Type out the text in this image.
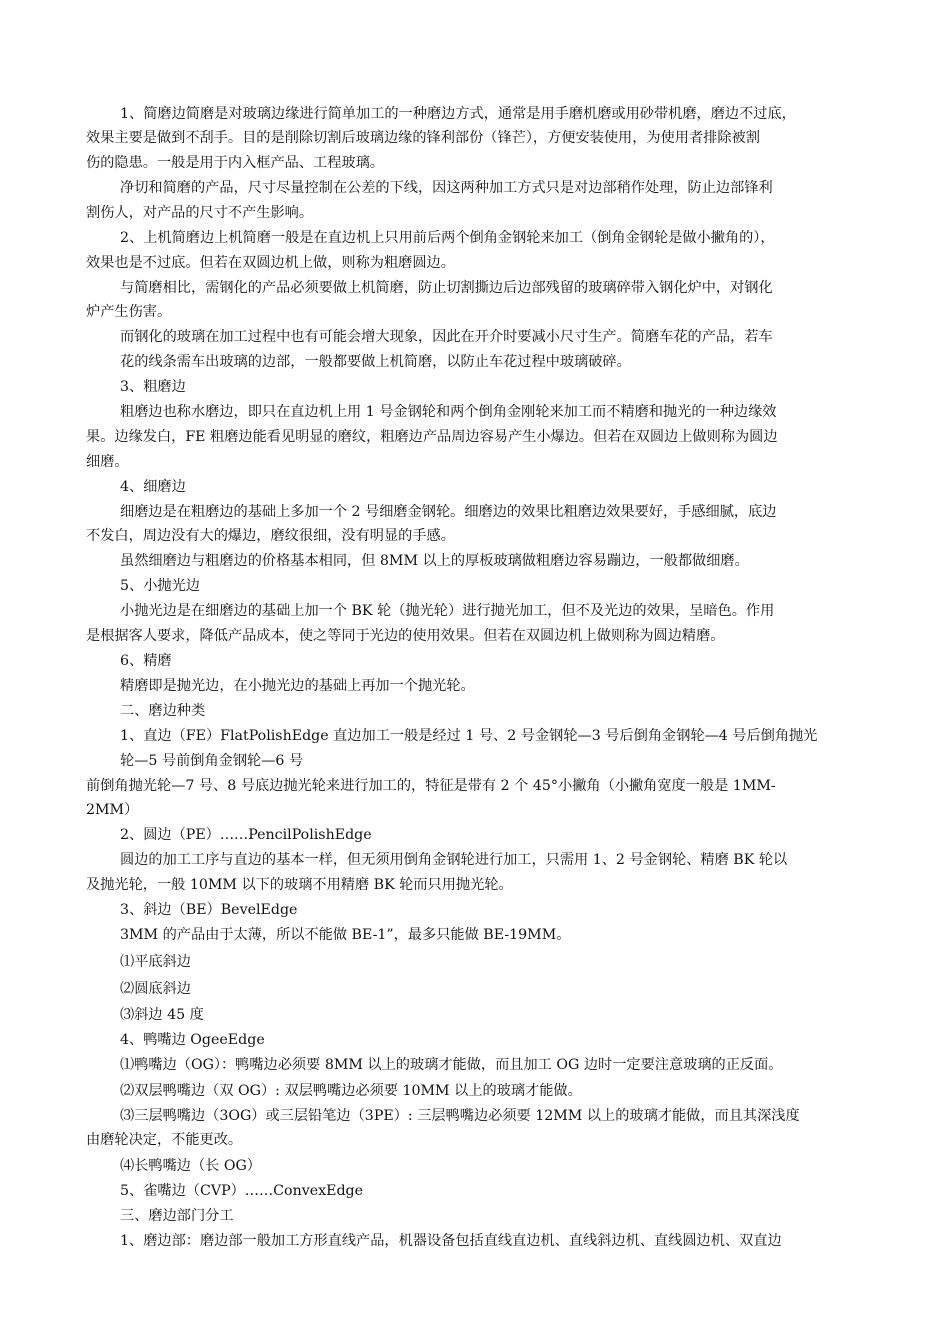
1、简磨边简磨是对玻璃边缘进行简单加工的一种磨边方式，通常是用手磨机磨或用砂带机磨，磨边不过底，

效果主要是做到不刮手。目的是削除切割后玻璃边缘的锋利部份（锋芒），方便安装使用，为使用者排除被割

伤的隐患。一般是用于内入框产品、工程玻璃。

净切和简磨的产品，尺寸尽量控制在公差的下线，因这两种加工方式只是对边部稍作处理，防止边部锋利

割伤人，对产品的尺寸不产生影响。

2、上机简磨边上机简磨一般是在直边机上只用前后两个倒角金钢轮来加工（倒角金钢轮是做小撇角的），

效果也是不过底。但若在双圆边机上做，则称为粗磨圆边。

与简磨相比，需钢化的产品必须要做上机简磨，防止切割撕边后边部残留的玻璃碎带入钢化炉中，对钢化

炉产生伤害。

而钢化的玻璃在加工过程中也有可能会增大现象，因此在开介时要减小尺寸生产。简磨车花的产品，若车

花的线条需车出玻璃的边部，一般都要做上机简磨，以防止车花过程中玻璃破碎。

3、粗磨边

粗磨边也称水磨边，即只在直边机上用 1 号金钢轮和两个倒角金刚轮来加工而不精磨和抛光的一种边缘效

果。边缘发白，FE 粗磨边能看见明显的磨纹，粗磨边产品周边容易产生小爆边。但若在双圆边上做则称为圆边

细磨。

4、细磨边

细磨边是在粗磨边的基础上多加一个 2 号细磨金钢轮。细磨边的效果比粗磨边效果要好，手感细腻，底边

不发白，周边没有大的爆边，磨纹很细，没有明显的手感。

虽然细磨边与粗磨边的价格基本相同，但 8MM 以上的厚板玻璃做粗磨边容易蹦边，一般都做细磨。

5、小抛光边

小抛光边是在细磨边的基础上加一个 BK 轮（抛光轮）进行抛光加工，但不及光边的效果，呈暗色。作用

是根据客人要求，降低产品成本，使之等同于光边的使用效果。但若在双圆边机上做则称为圆边精磨。

6、精磨

精磨即是抛光边，在小抛光边的基础上再加一个抛光轮。

二、磨边种类

1、直边（FE）FlatPolishEdge 直边加工一般是经过 1 号、2 号金钢轮—3 号后倒角金钢轮—4 号后倒角抛光

轮—5 号前倒角金钢轮—6 号

前倒角抛光轮—7 号、8 号底边抛光轮来进行加工的，特征是带有 2 个 45°小撇角（小撇角宽度一般是 1MM-

2MM）

2、圆边（PE）……PencilPolishEdge

圆边的加工工序与直边的基本一样，但无须用倒角金钢轮进行加工，只需用 1、2 号金钢轮、精磨 BK 轮以

及抛光轮，一般 10MM 以下的玻璃不用精磨 BK 轮而只用抛光轮。

3、斜边（BE）BevelEdge

3MM 的产品由于太薄，所以不能做 BE-1”，最多只能做 BE-19MM。

⑴平底斜边

⑵圆底斜边

⑶斜边 45 度

4、鸭嘴边 OgeeEdge

⑴鸭嘴边（OG）：鸭嘴边必须要 8MM 以上的玻璃才能做，而且加工 OG 边时一定要注意玻璃的正反面。

⑵双层鸭嘴边（双 OG）: 双层鸭嘴边必须要 10MM 以上的玻璃才能做。

⑶三层鸭嘴边（3OG）或三层铅笔边（3PE）: 三层鸭嘴边必须要 12MM 以上的玻璃才能做，而且其深浅度

由磨轮决定，不能更改。

⑷长鸭嘴边（长 OG）

5、雀嘴边（CVP）……ConvexEdge

三、磨边部门分工

1、磨边部：磨边部一般加工方形直线产品，机器设备包括直线直边机、直线斜边机、直线圆边机、双直边
